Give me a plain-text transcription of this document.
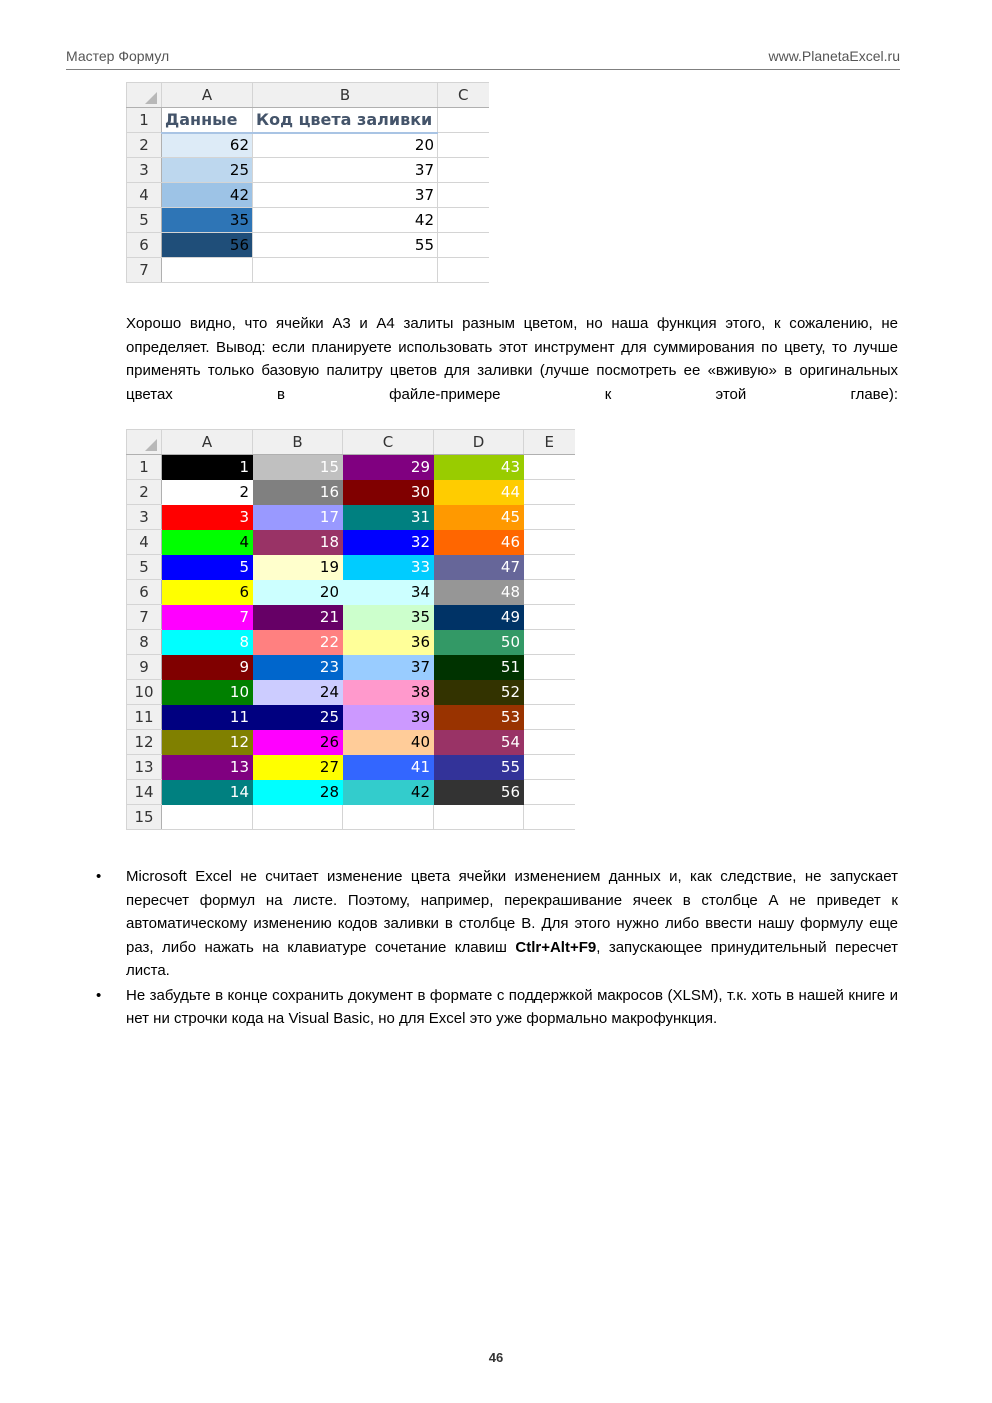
Мастер Формул	www.PlanetaExcel.ru
	A	B	C
1	Данные	Код цвета заливки	
2	62	20	
3	25	37	
4	42	37	
5	35	42	
6	56	55	
7			
Хорошо видно, что ячейки A3 и A4 залиты разным цветом, но наша функция этого, к сожалению, не определяет. Вывод: если планируете использовать этот инструмент для суммирования по цвету, то лучше применять только базовую палитру цветов для заливки (лучше посмотреть ее «вживую» в оригинальных цветах в файле-примере к этой главе):
	A	B	C	D	E
1	1	15	29	43	
2	2	16	30	44	
3	3	17	31	45	
4	4	18	32	46	
5	5	19	33	47	
6	6	20	34	48	
7	7	21	35	49	
8	8	22	36	50	
9	9	23	37	51	
10	10	24	38	52	
11	11	25	39	53	
12	12	26	40	54	
13	13	27	41	55	
14	14	28	42	56	
15					
• Microsoft Excel не считает изменение цвета ячейки изменением данных и, как следствие, не запускает пересчет формул на листе. Поэтому, например, перекрашивание ячеек в столбце А не приведет к автоматическому изменению кодов заливки в столбце В. Для этого нужно либо ввести нашу формулу еще раз, либо нажать на клавиатуре сочетание клавиш Ctlr+Alt+F9, запускающее принудительный пересчет листа.
• Не забудьте в конце сохранить документ в формате с поддержкой макросов (XLSM), т.к. хоть в нашей книге и нет ни строчки кода на Visual Basic, но для Excel это уже формально макрофункция.
46
